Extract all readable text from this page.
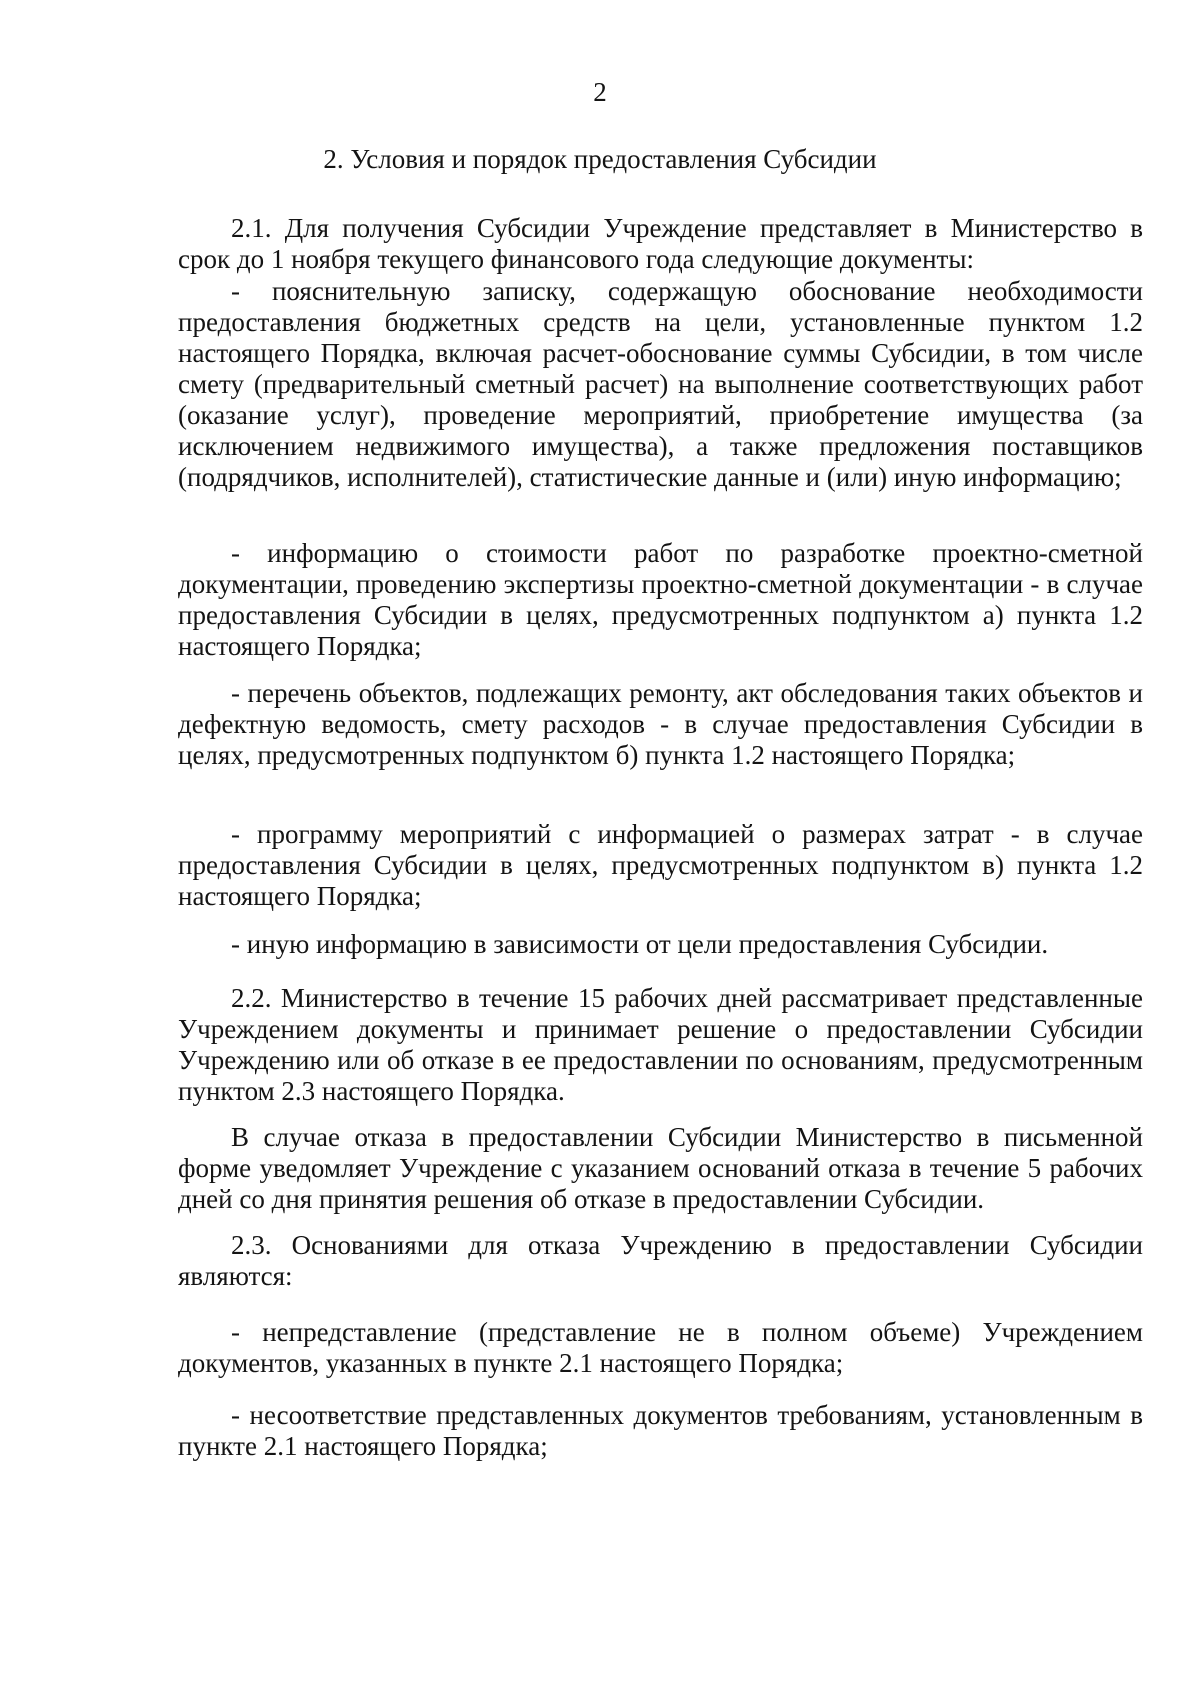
2
2. Условия и порядок предоставления Субсидии

2.1. Для получения Субсидии Учреждение представляет в Министерство в срок до 1 ноября текущего финансового года следующие документы:

- пояснительную записку, содержащую обоснование необходимости предоставления бюджетных средств на цели, установленные пунктом 1.2 настоящего Порядка, включая расчет-обоснование суммы Субсидии, в том числе смету (предварительный сметный расчет) на выполнение соответствующих работ (оказание услуг), проведение мероприятий, приобретение имущества (за исключением недвижимого имущества), а также предложения поставщиков (подрядчиков, исполнителей), статистические данные и (или) иную информацию;

- информацию о стоимости работ по разработке проектно-сметной документации, проведению экспертизы проектно-сметной документации - в случае предоставления Субсидии в целях, предусмотренных подпунктом а) пункта 1.2 настоящего Порядка;

- перечень объектов, подлежащих ремонту, акт обследования таких объектов и дефектную ведомость, смету расходов - в случае предоставления Субсидии в целях, предусмотренных подпунктом б) пункта 1.2 настоящего Порядка;

- программу мероприятий с информацией о размерах затрат - в случае предоставления Субсидии в целях, предусмотренных подпунктом в) пункта 1.2 настоящего Порядка;

- иную информацию в зависимости от цели предоставления Субсидии.

2.2. Министерство в течение 15 рабочих дней рассматривает представленные Учреждением документы и принимает решение о предоставлении Субсидии Учреждению или об отказе в ее предоставлении по основаниям, предусмотренным пунктом 2.3 настоящего Порядка.

В случае отказа в предоставлении Субсидии Министерство в письменной форме уведомляет Учреждение с указанием оснований отказа в течение 5 рабочих дней со дня принятия решения об отказе в предоставлении Субсидии.

2.3. Основаниями для отказа Учреждению в предоставлении Субсидии являются:

- непредставление (представление не в полном объеме) Учреждением документов, указанных в пункте 2.1 настоящего Порядка;

- несоответствие представленных документов требованиям, установленным в пункте 2.1 настоящего Порядка;
